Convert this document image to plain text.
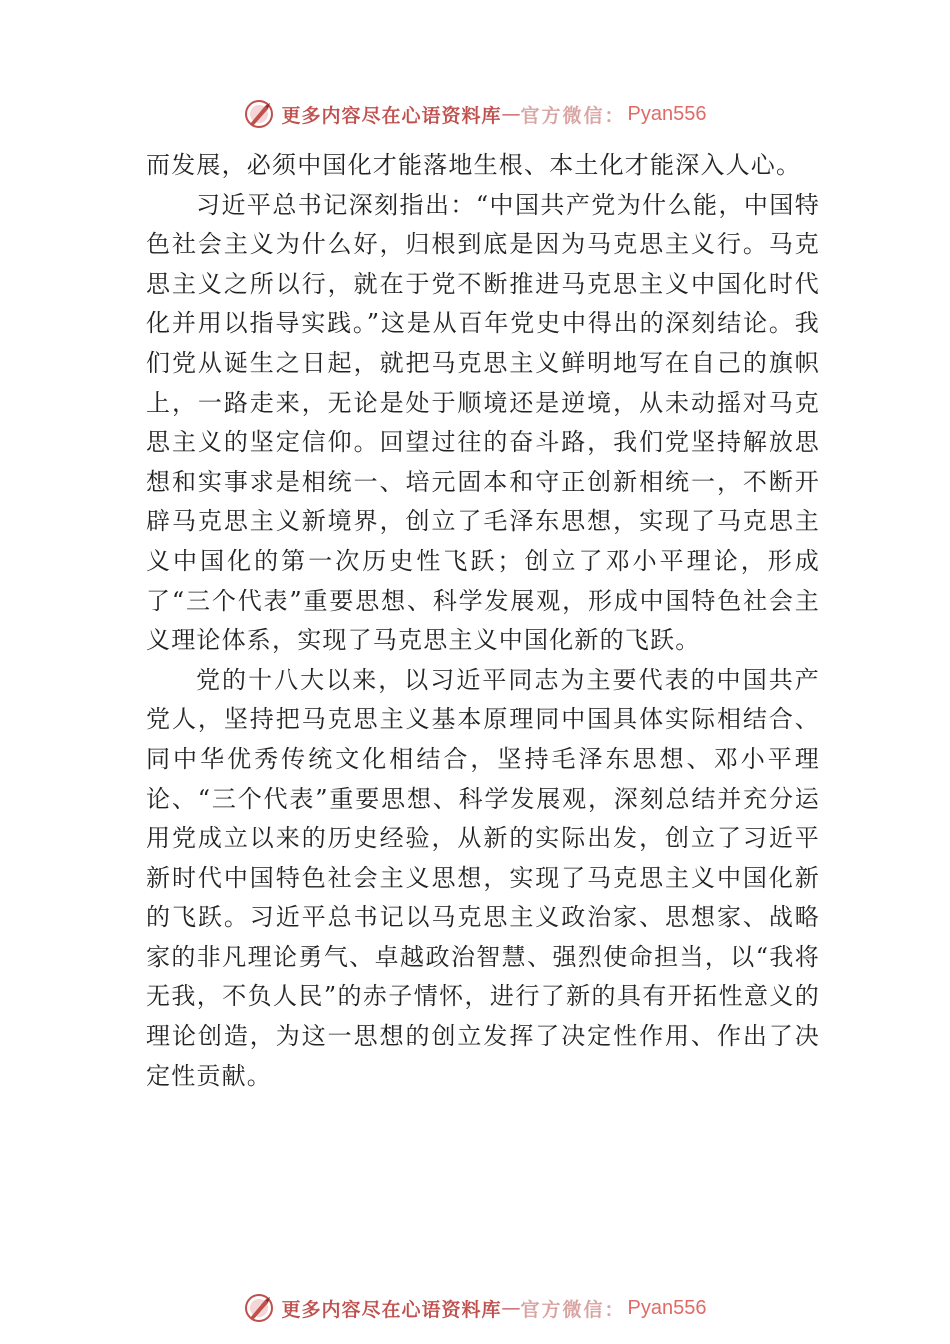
更多内容尽在心语资料库 — 官方微信： Pyan556

而发展，必须中国化才能落地生根、本土化才能深入人心。

习近平总书记深刻指出：“中国共产党为什么能，中国特色社会主义为什么好，归根到底是因为马克思主义行。马克思主义之所以行，就在于党不断推进马克思主义中国化时代化并用以指导实践。”这是从百年党史中得出的深刻结论。我们党从诞生之日起，就把马克思主义鲜明地写在自己的旗帜上，一路走来，无论是处于顺境还是逆境，从未动摇对马克思主义的坚定信仰。回望过往的奋斗路，我们党坚持解放思想和实事求是相统一、培元固本和守正创新相统一，不断开辟马克思主义新境界，创立了毛泽东思想，实现了马克思主义中国化的第一次历史性飞跃；创立了邓小平理论，形成了“三个代表”重要思想、科学发展观，形成中国特色社会主义理论体系，实现了马克思主义中国化新的飞跃。

党的十八大以来，以习近平同志为主要代表的中国共产党人，坚持把马克思主义基本原理同中国具体实际相结合、同中华优秀传统文化相结合，坚持毛泽东思想、邓小平理论、“三个代表”重要思想、科学发展观，深刻总结并充分运用党成立以来的历史经验，从新的实际出发，创立了习近平新时代中国特色社会主义思想，实现了马克思主义中国化新的飞跃。习近平总书记以马克思主义政治家、思想家、战略家的非凡理论勇气、卓越政治智慧、强烈使命担当，以“我将无我，不负人民”的赤子情怀，进行了新的具有开拓性意义的理论创造，为这一思想的创立发挥了决定性作用、作出了决定性贡献。

更多内容尽在心语资料库 — 官方微信： Pyan556
